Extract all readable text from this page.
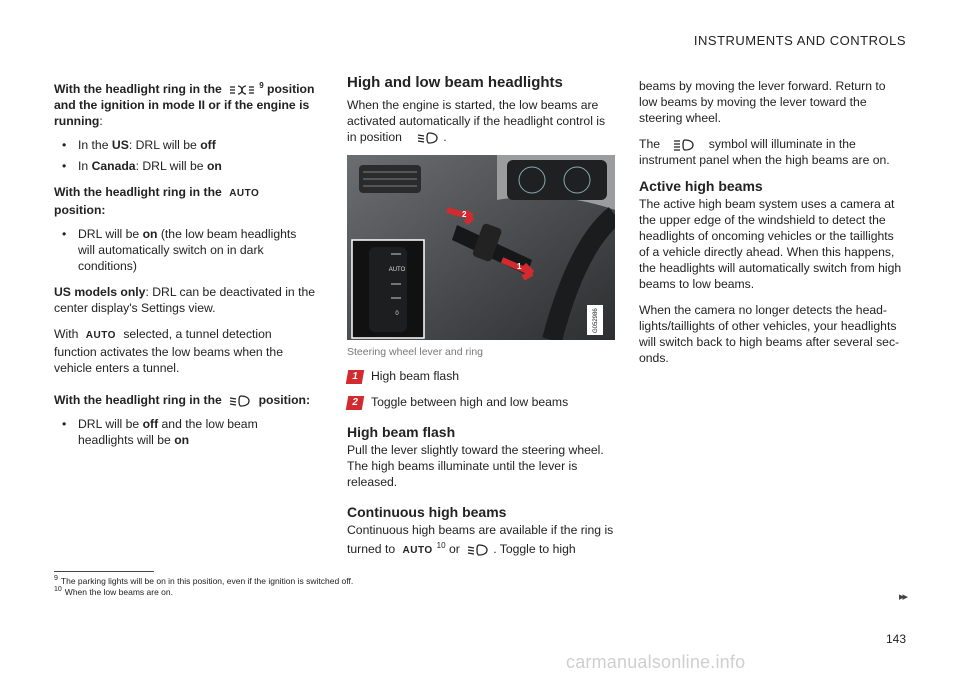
INSTRUMENTS AND CONTROLS

With the headlight ring in the	$^9$ position and the ignition in mode II or if the engine is running:

• In the US: DRL will be off
• In Canada: DRL will be on

With the headlight ring in the AUTO position:

• DRL will be on (the low beam headlights will automatically switch on in dark conditions)

US models only: DRL can be deactivated in the center display's Settings view.

With AUTO selected, a tunnel detection function activates the low beams when the vehicle enters a tunnel.

With the headlight ring in the	position:

• DRL will be off and the low beam headlights will be on
High and low beam headlights

When the engine is started, the low beams are activated automatically if the headlight control is in position	.

2
1
AUTO
0	G052986
Steering wheel lever and ring
1 High beam flash
2 Toggle between high and low beams
High beam flash

Pull the lever slightly toward the steering wheel. The high beams illuminate until the lever is released.

Continuous high beams

Continuous high beams are available if the ring is turned to AUTO $^{10}$ or	. Toggle to high

beams by moving the lever forward. Return to low beams by moving the lever toward the steering wheel.

The	symbol will illuminate in the instrument panel when the high beams are on.

Active high beams

The active high beam system uses a camera at the upper edge of the windshield to detect the headlights of oncoming vehicles or the taillights of a vehicle directly ahead. When this happens, the headlights will automatically switch from high beams to low beams.

When the camera no longer detects the head-lights/taillights of other vehicles, your headlights will switch back to high beams after several sec-onds.

$^9$ The parking lights will be on in this position, even if the ignition is switched off.
$^{10}$ When the low beams are on.	▸▸
143
carmanualsonline.info
